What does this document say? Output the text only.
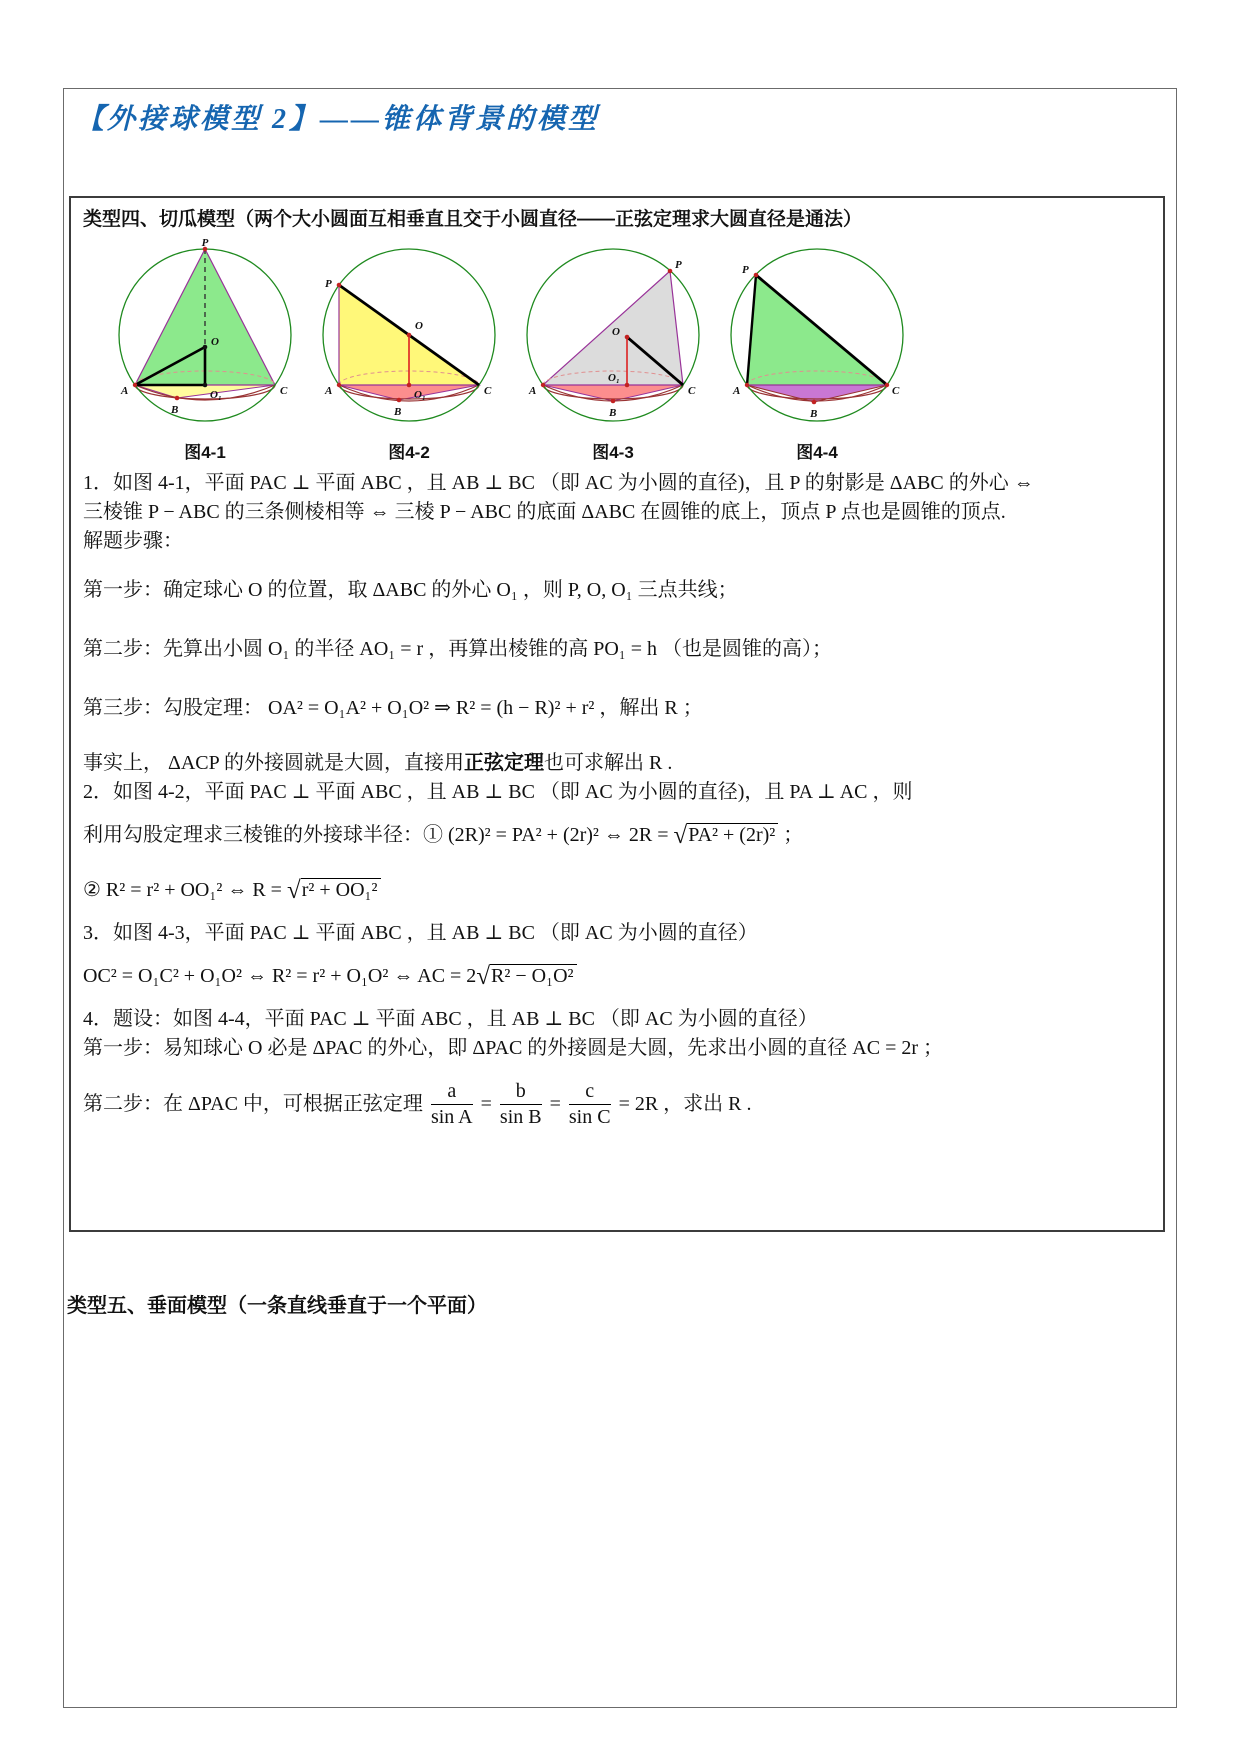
【外接球模型 2】——锥体背景的模型
类型四、切瓜模型（两个大小圆面互相垂直且交于小圆直径——正弦定理求大圆直径是通法）
P
O
A	O₁
B
C
图4-1
P
O
A	O₁
B
C
图4-2
P
O
A
O₁
B
C
图4-3
P
A
B
C
图4-4
1．如图 4-1，平面 PAC ⊥ 平面 ABC ，且 AB ⊥ BC （即 AC 为小圆的直径)，且 P 的射影是 ΔABC 的外心 ⇔
三棱锥 P − ABC 的三条侧棱相等 ⇔ 三棱 P − ABC 的底面 ΔABC 在圆锥的底上，顶点 P 点也是圆锥的顶点.
解题步骤：
第一步：确定球心 O 的位置，取 ΔABC 的外心 O₁ ，则 P, O, O₁ 三点共线；
第二步：先算出小圆 O₁ 的半径 AO₁ = r ，再算出棱锥的高 PO₁ = h （也是圆锥的高）；
第三步：勾股定理： OA² = O₁A² + O₁O² ⇒ R² = (h − R)² + r² ，解出 R ；
事实上， ΔACP 的外接圆就是大圆，直接用正弦定理也可求解出 R .
2．如图 4-2，平面 PAC ⊥ 平面 ABC ，且 AB ⊥ BC （即 AC 为小圆的直径)，且 PA ⊥ AC ，则
利用勾股定理求三棱锥的外接球半径：① (2R)² = PA² + (2r)² ⇔ 2R = √PA² + (2r)² ；
② R² = r² + OO₁² ⇔ R = √r² + OO₁²
3．如图 4-3，平面 PAC ⊥ 平面 ABC ，且 AB ⊥ BC （即 AC 为小圆的直径）
OC² = O₁C² + O₁O² ⇔ R² = r² + O₁O² ⇔ AC = 2√R² − O₁O²
4．题设：如图 4-4，平面 PAC ⊥ 平面 ABC ，且 AB ⊥ BC （即 AC 为小圆的直径）
第一步：易知球心 O 必是 ΔPAC 的外心，即 ΔPAC 的外接圆是大圆，先求出小圆的直径 AC = 2r ；
第二步：在 ΔPAC 中，可根据正弦定理 $\frac{a}{\text{sin A}} = \frac{b}{\text{sin B}} = \frac{c}{\text{sin C}} = 2R$ ，求出 R .
类型五、垂面模型（一条直线垂直于一个平面）
